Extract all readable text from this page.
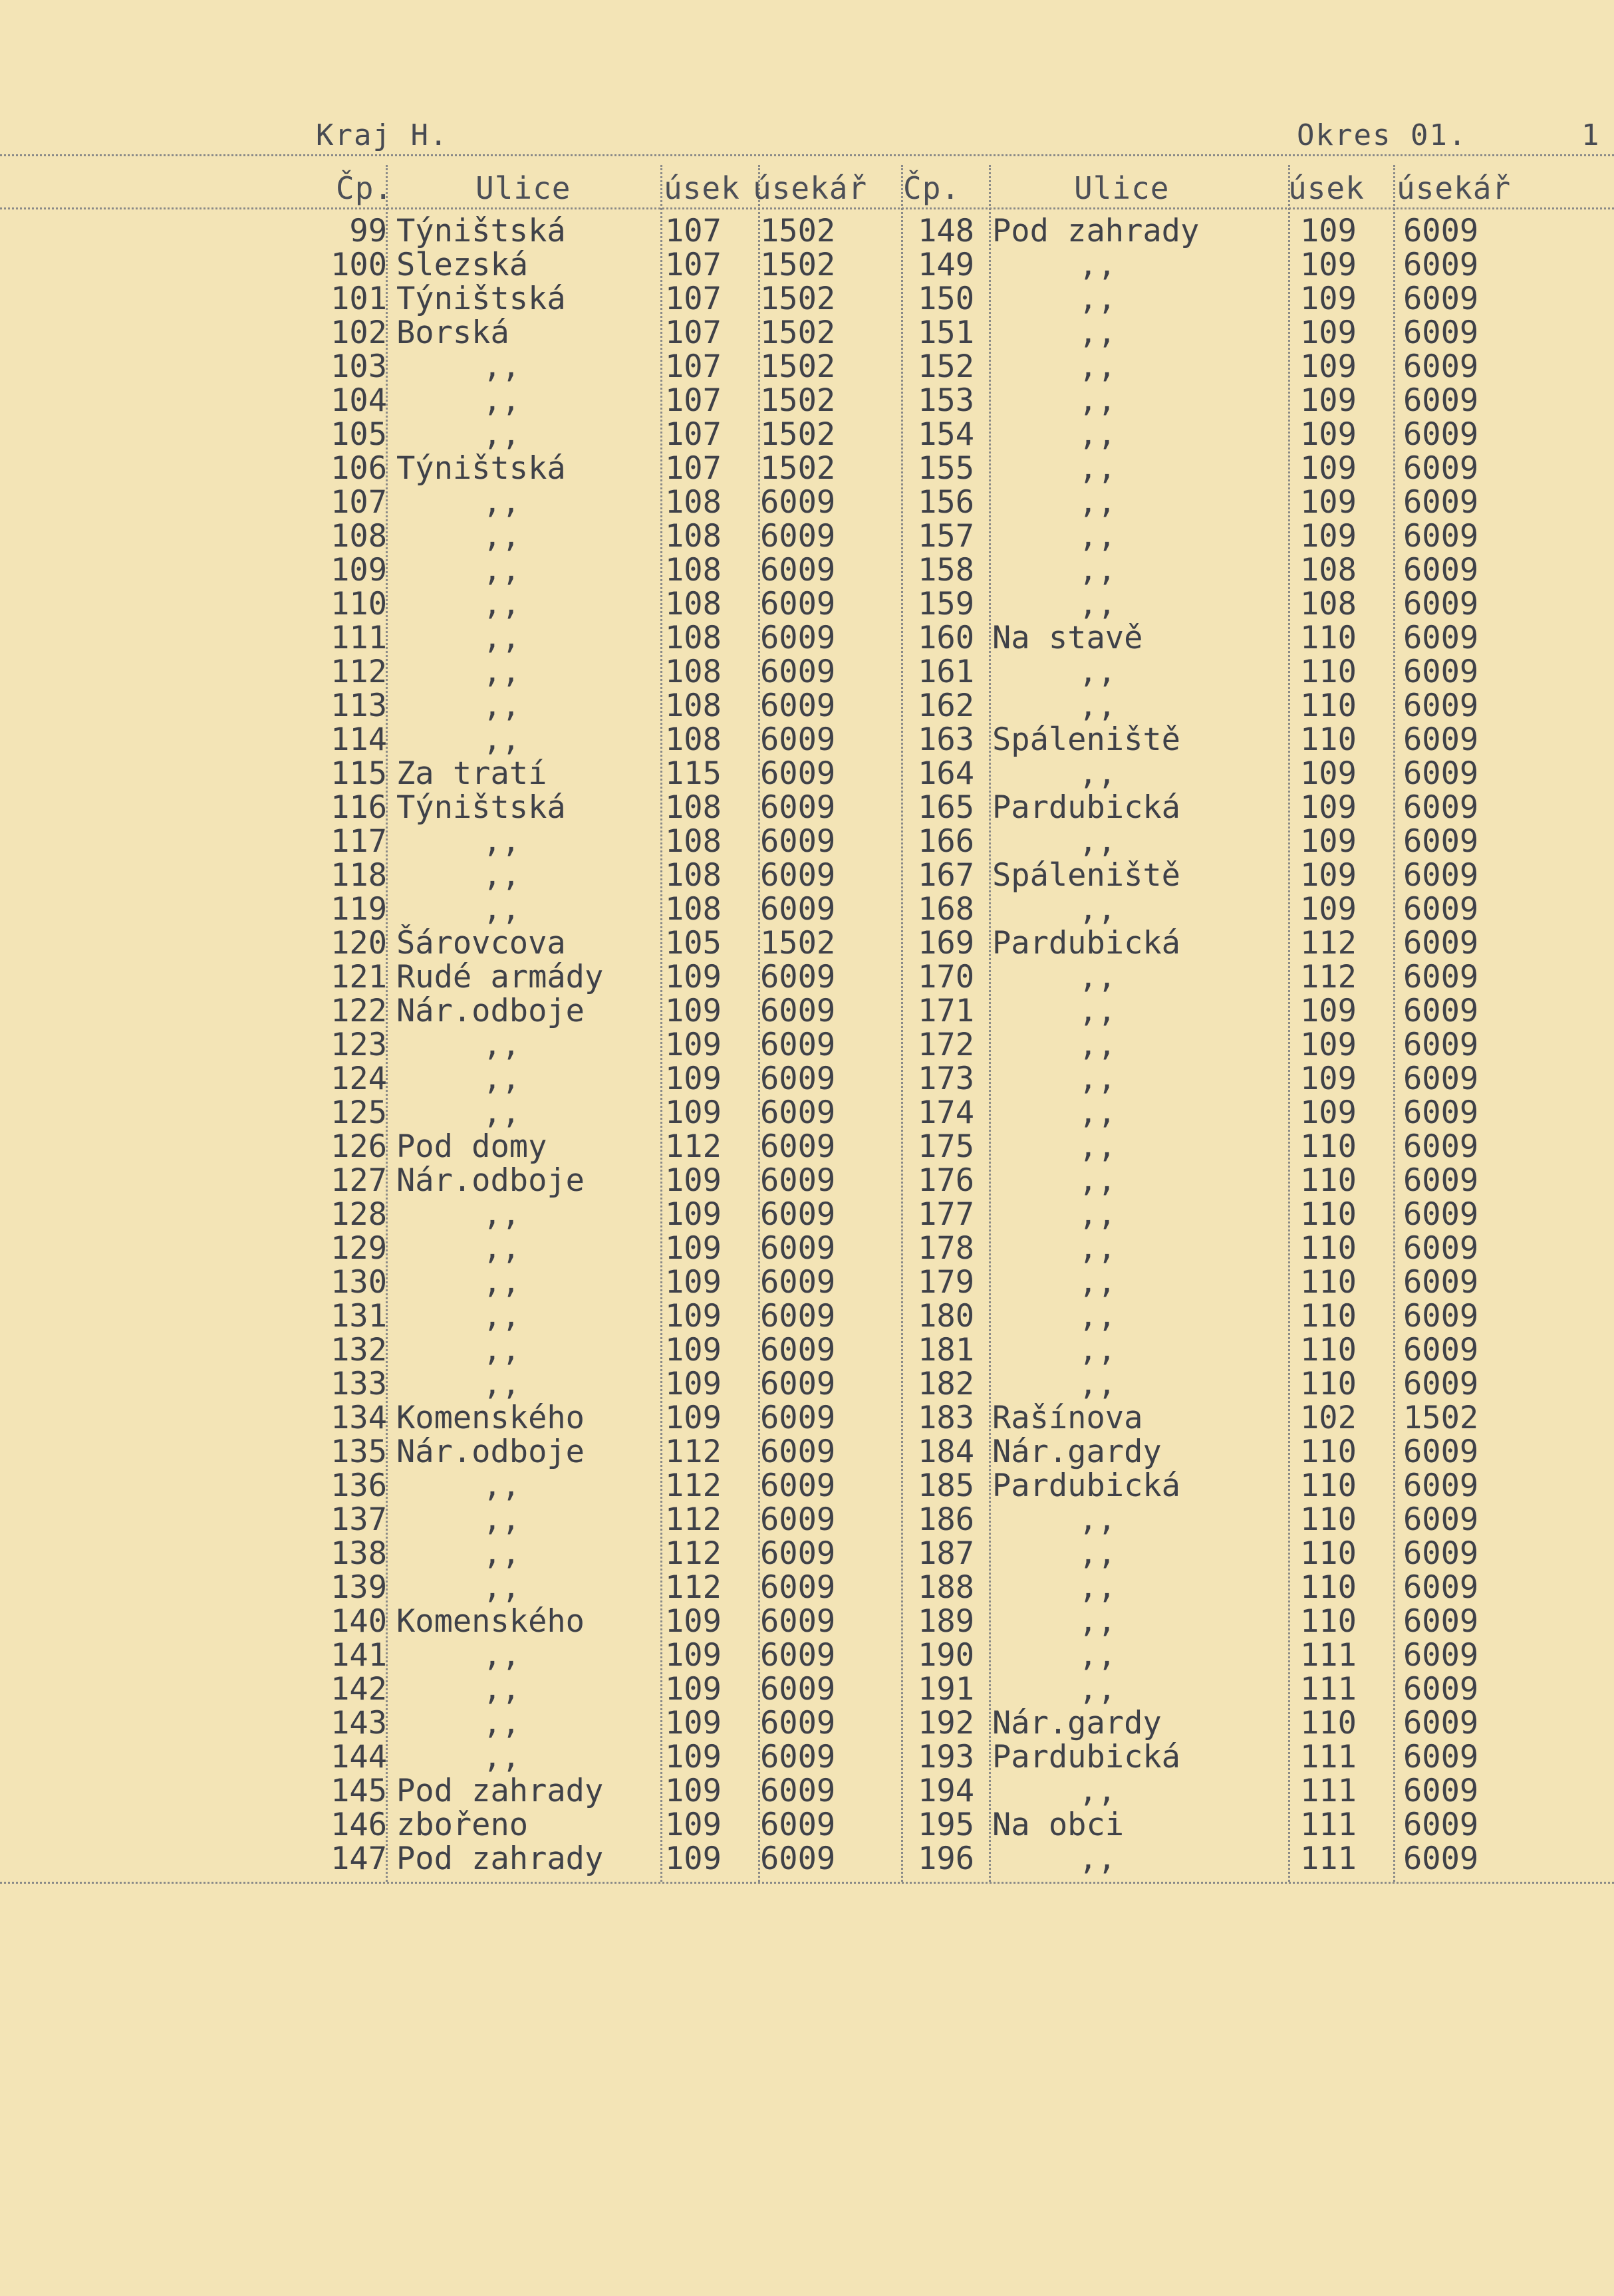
Kraj H.	Okres 01.	1
Čp.	Ulice	úsek úsekář Čp.	Ulice	úsek úsekář
99 Týništská	107 1502	148 Pod zahrady	109 6009
100 Slezská	107 1502	149	,,	109 6009
101 Týništská	107 1502	150	,,	109 6009
102 Borská	107 1502	151	,,	109 6009
103	,,	107 1502	152	,,	109 6009
104	,,	107 1502	153	,,	109 6009
105	,,	107 1502	154	,,	109 6009
106 Týništská	107 1502	155	,,	109 6009
107	,,	108 6009	156	,,	109 6009
108	,,	108 6009	157	,,	109 6009
109	,,	108 6009	158	,,	108 6009
110	,,	108 6009	159	,,	108 6009
111	,,	108 6009	160 Na stavě	110 6009
112	,,	108 6009	161	,,	110 6009
113	,,	108 6009	162	,,	110 6009
114	,,	108 6009	163 Spáleniště	110 6009
115 Za tratí	115 6009	164	,,	109 6009
116 Týništská	108 6009	165 Pardubická	109 6009
117	,,	108 6009	166	,,	109 6009
118	,,	108 6009	167 Spáleniště	109 6009
119	,,	108 6009	168	,,	109 6009
120 Šárovcova	105 1502	169 Pardubická	112 6009
121 Rudé armády 109 6009	170	,,	112 6009
122 Nár.odboje	109 6009	171	,,	109 6009
123	,,	109 6009	172	,,	109 6009
124	,,	109 6009	173	,,	109 6009
125	,,	109 6009	174	,,	109 6009
126 Pod domy	112 6009	175	,,	110 6009
127 Nár.odboje	109 6009	176	,,	110 6009
128	,,	109 6009	177	,,	110 6009
129	,,	109 6009	178	,,	110 6009
130	,,	109 6009	179	,,	110 6009
131	,,	109 6009	180	,,	110 6009
132	,,	109 6009	181	,,	110 6009
133	,,	109 6009	182	,,	110 6009
134 Komenského	109 6009	183 Rašínova	102 1502
135 Nár.odboje	112 6009	184 Nár.gardy	110 6009
136	,,	112 6009	185 Pardubická	110 6009
137	,,	112 6009	186	,,	110 6009
138	,,	112 6009	187	,,	110 6009
139	,,	112 6009	188	,,	110 6009
140 Komenského	109 6009	189	,,	110 6009
141	,,	109 6009	190	,,	111 6009
142	,,	109 6009	191	,,	111 6009
143	,,	109 6009	192 Nár.gardy	110 6009
144	,,	109 6009	193 Pardubická	111 6009
145 Pod zahrady 109 6009	194	,,	111 6009
146 zbořeno	109 6009	195 Na obci	111 6009
147 Pod zahrady 109 6009	196	,,	111 6009
